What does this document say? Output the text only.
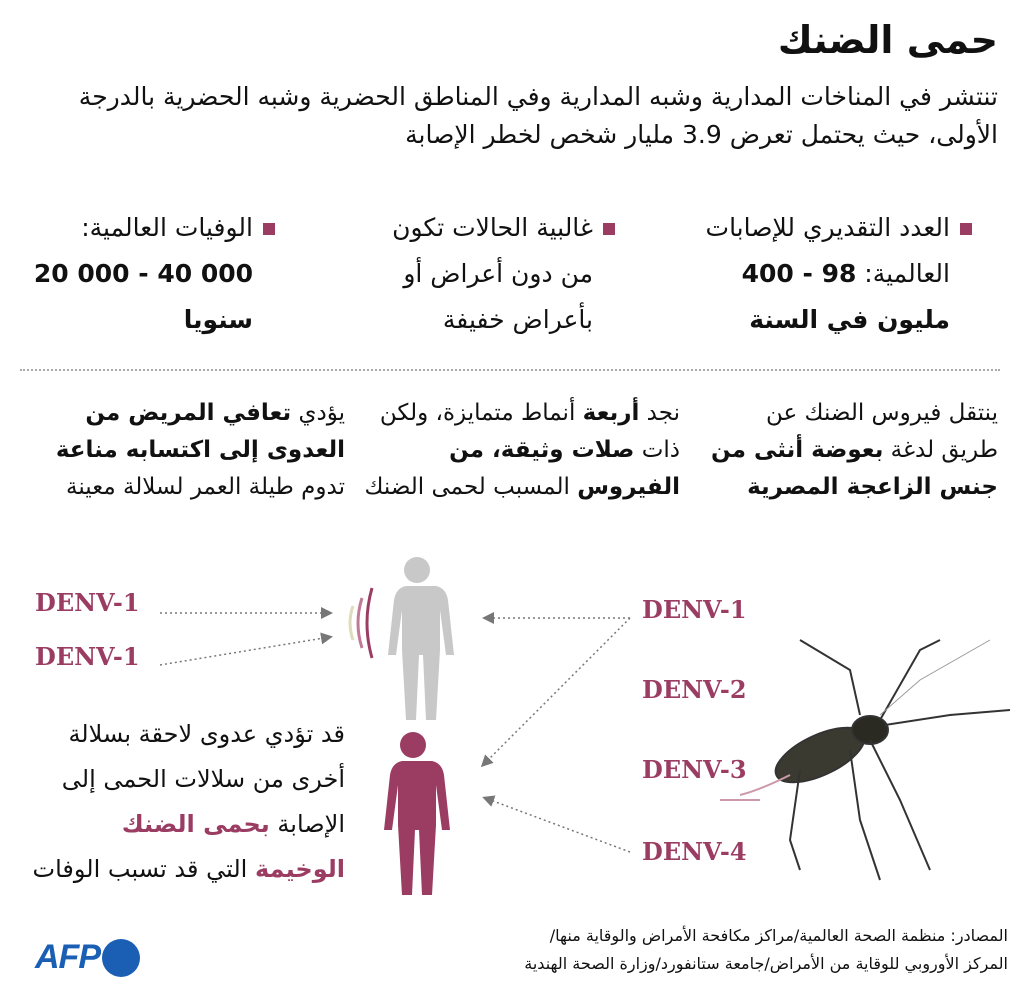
حمى الضنك
تنتشر في المناخات المدارية وشبه المدارية وفي المناطق الحضرية وشبه الحضرية بالدرجة الأولى، حيث يحتمل تعرض 3.9 مليار شخص لخطر الإصابة
العدد التقديري للإصابات
العالمية: 98 - 400
مليون في السنة
غالبية الحالات تكون
من دون أعراض أو
بأعراض خفيفة
الوفيات العالمية:
20 000 - 40 000
سنويا
ينتقل فيروس الضنك عن طريق لدغة بعوضة أنثى من جنس الزاعجة المصرية
نجد أربعة أنماط متمايزة، ولكن ذات صلات وثيقة، من الفيروس المسبب لحمى الضنك
يؤدي تعافي المريض من العدوى إلى اكتسابه مناعة تدوم طيلة العمر لسلالة معينة
قد تؤدي عدوى لاحقة بسلالة أخرى من سلالات الحمى إلى الإصابة بحمى الضنك الوخيمة التي قد تسبب الوفات
DENV-1
DENV-1
DENV-1
DENV-2
DENV-3
DENV-4
المصادر: منظمة الصحة العالمية/مراكز مكافحة الأمراض والوقاية منها/
المركز الأوروبي للوقاية من الأمراض/جامعة ستانفورد/وزارة الصحة الهندية
AFP
